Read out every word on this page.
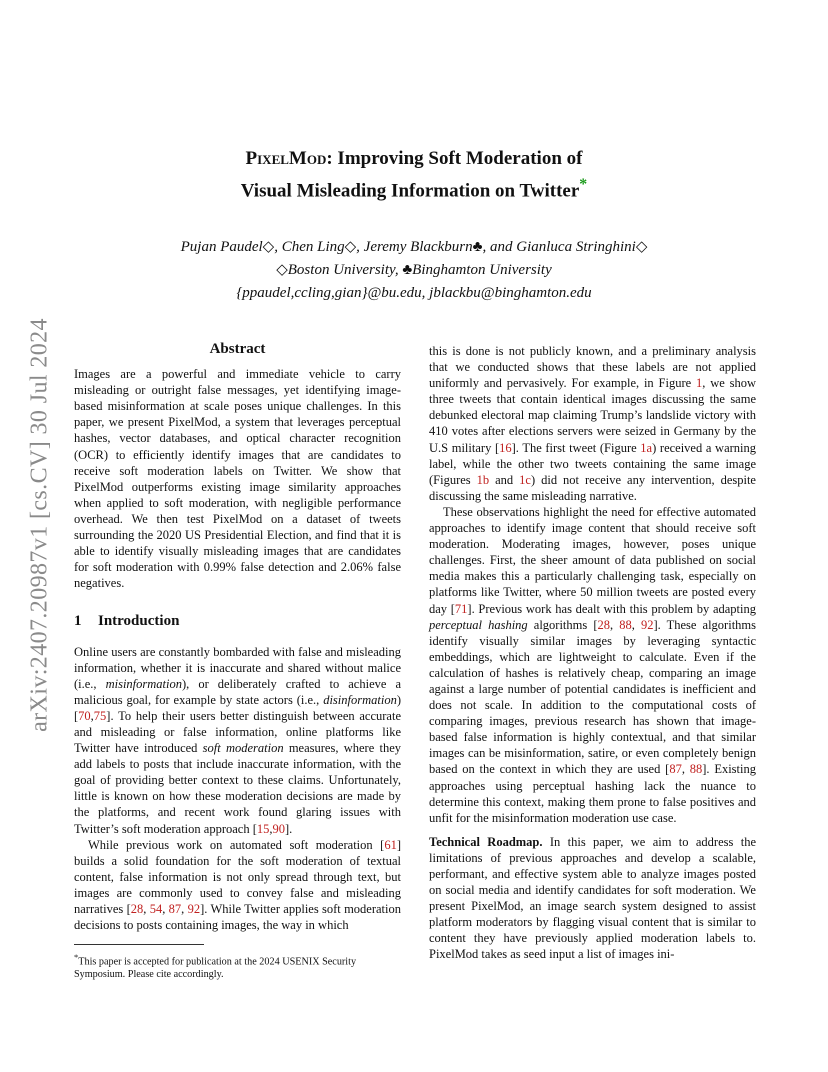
arXiv:2407.20987v1 [cs.CV] 30 Jul 2024
PixelMod: Improving Soft Moderation of
Visual Misleading Information on Twitter*
Pujan Paudel◇, Chen Ling◇, Jeremy Blackburn♣, and Gianluca Stringhini◇
◇Boston University, ♣Binghamton University
{ppaudel,ccling,gian}@bu.edu, jblackbu@binghamton.edu
Abstract

Images are a powerful and immediate vehicle to carry misleading or outright false messages, yet identifying image-based misinformation at scale poses unique challenges. In this paper, we present PixelMod, a system that leverages perceptual hashes, vector databases, and optical character recognition (OCR) to efficiently identify images that are candidates to receive soft moderation labels on Twitter. We show that PixelMod outperforms existing image similarity approaches when applied to soft moderation, with negligible performance overhead. We then test PixelMod on a dataset of tweets surrounding the 2020 US Presidential Election, and find that it is able to identify visually misleading images that are candidates for soft moderation with 0.99% false detection and 2.06% false negatives.

1 Introduction

Online users are constantly bombarded with false and misleading information, whether it is inaccurate and shared without malice (i.e., misinformation), or deliberately crafted to achieve a malicious goal, for example by state actors (i.e., disinformation) [70,75]. To help their users better distinguish between accurate and misleading or false information, online platforms like Twitter have introduced soft moderation measures, where they add labels to posts that include inaccurate information, with the goal of providing better context to these claims. Unfortunately, little is known on how these moderation decisions are made by the platforms, and recent work found glaring issues with Twitter’s soft moderation approach [15,90].

While previous work on automated soft moderation [61] builds a solid foundation for the soft moderation of textual content, false information is not only spread through text, but images are commonly used to convey false and misleading narratives [28, 54, 87, 92]. While Twitter applies soft moderation decisions to posts containing images, the way in which

*This paper is accepted for publication at the 2024 USENIX Security Symposium. Please cite accordingly.

this is done is not publicly known, and a preliminary analysis that we conducted shows that these labels are not applied uniformly and pervasively. For example, in Figure 1, we show three tweets that contain identical images discussing the same debunked electoral map claiming Trump’s landslide victory with 410 votes after elections servers were seized in Germany by the U.S military [16]. The first tweet (Figure 1a) received a warning label, while the other two tweets containing the same image (Figures 1b and 1c) did not receive any intervention, despite discussing the same misleading narrative.

These observations highlight the need for effective automated approaches to identify image content that should receive soft moderation. Moderating images, however, poses unique challenges. First, the sheer amount of data published on social media makes this a particularly challenging task, especially on platforms like Twitter, where 50 million tweets are posted every day [71]. Previous work has dealt with this problem by adapting perceptual hashing algorithms [28, 88, 92]. These algorithms identify visually similar images by leveraging syntactic embeddings, which are lightweight to calculate. Even if the calculation of hashes is relatively cheap, comparing an image against a large number of potential candidates is inefficient and does not scale. In addition to the computational costs of comparing images, previous research has shown that image-based false information is highly contextual, and that similar images can be misinformation, satire, or even completely benign based on the context in which they are used [87, 88]. Existing approaches using perceptual hashing lack the nuance to determine this context, making them prone to false positives and unfit for the misinformation moderation use case.

Technical Roadmap. In this paper, we aim to address the limitations of previous approaches and develop a scalable, performant, and effective system able to analyze images posted on social media and identify candidates for soft moderation. We present PixelMod, an image search system designed to assist platform moderators by flagging visual content that is similar to content they have previously applied moderation labels to. PixelMod takes as seed input a list of images ini-
